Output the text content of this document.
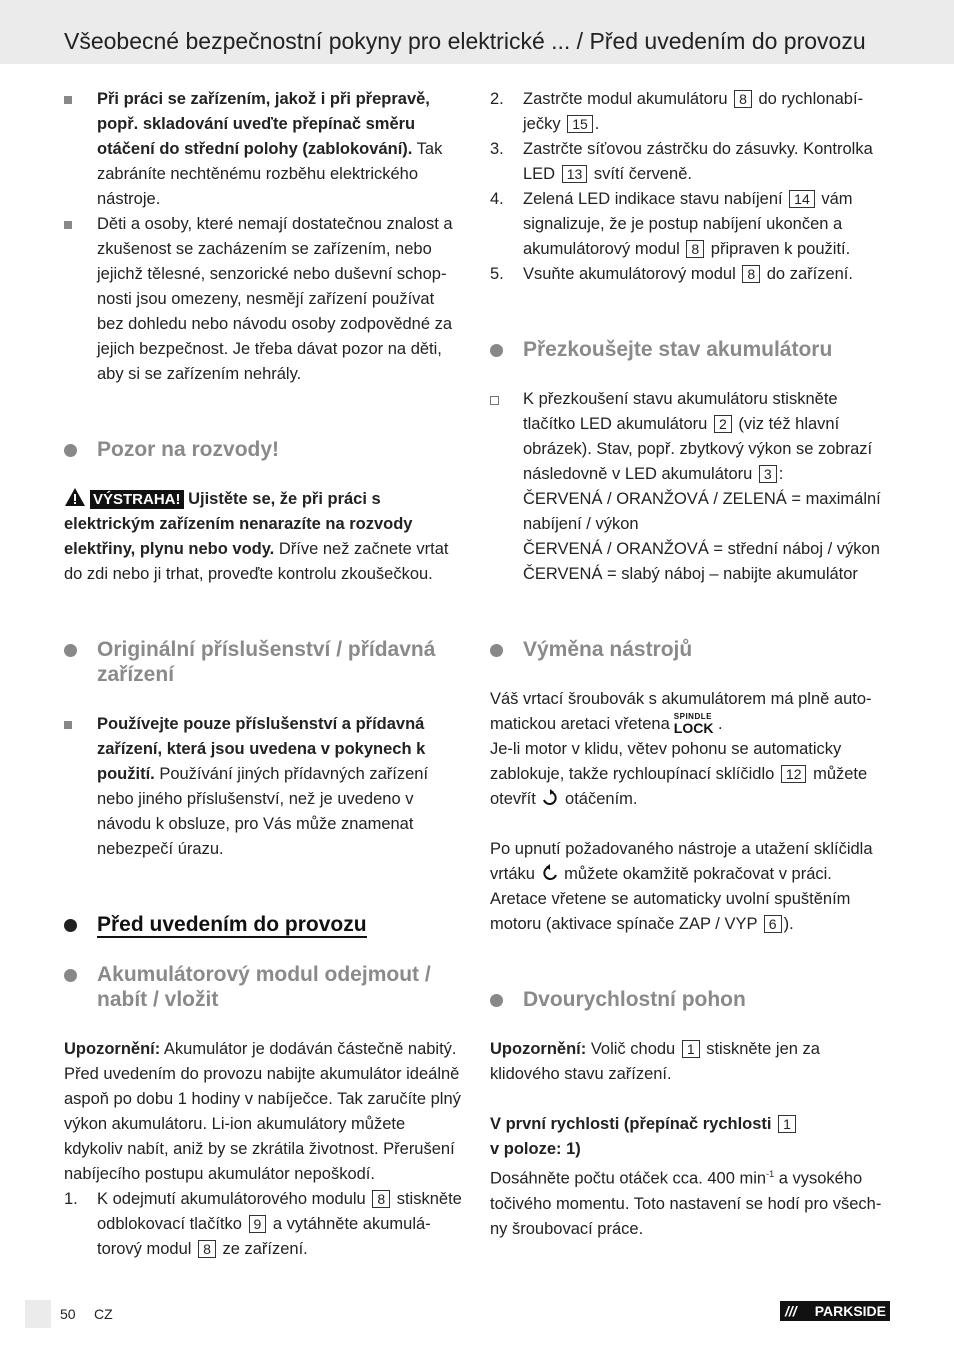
Všeobecné bezpečnostní pokyny pro elektrické ... / Před uvedením do provozu

Při práci se zařízením, jakož i při přepravě, popř. skladování uveďte přepínač směru otáčení do střední polohy (zablokování). Tak zabráníte nechtěnému rozběhu elektrického nástroje.

Děti a osoby, které nemají dostatečnou znalost a zkušenost se zacházením se zařízením, nebo jejichž tělesné, senzorické nebo duševní schopnosti jsou omezeny, nesmějí zařízení používat bez dohledu nebo návodu osoby zodpovědné za jejich bezpečnost. Je třeba dávat pozor na děti, aby si se zařízením nehrály.

Pozor na rozvody!

VÝSTRAHA! Ujistěte se, že při práci s elektrickým zařízením nenarazíte na rozvody elektřiny, plynu nebo vody. Dříve než začnete vrtat do zdi nebo ji trhat, proveďte kontrolu zkoušečkou.

Originální příslušenství / přídavná zařízení

Používejte pouze příslušenství a přídavná zařízení, která jsou uvedena v pokynech k použití. Používání jiných přídavných zařízení nebo jiného příslušenství, než je uvedeno v návodu k obsluze, pro Vás může znamenat nebezpečí úrazu.

Před uvedením do provozu
Akumulátorový modul odejmout / nabít / vložit

Upozornění: Akumulátor je dodáván částečně nabitý. Před uvedením do provozu nabijte akumulátor ideálně aspoň po dobu 1 hodiny v nabíječce. Tak zaručíte plný výkon akumulátoru. Li-ion akumulátory můžete kdykoliv nabít, aniž by se zkrátila životnost. Přerušení nabíjecího postupu akumulátor nepoškodí.

1. K odejmutí akumulátorového modulu 8 stiskněte odblokovací tlačítko 9 a vytáhněte akumulátorový modul 8 ze zařízení.

2. Zastrčte modul akumulátoru 8 do rychlonabíječky 15 .

3. Zastrčte síťovou zástrčku do zásuvky. Kontrolka LED 13 svítí červeně.

4. Zelená LED indikace stavu nabíjení 14 vám signalizuje, že je postup nabíjení ukončen a akumulátorový modul 8 připraven k použití.

5. Vsuňte akumulátorový modul 8 do zařízení.

Přezkoušejte stav akumulátoru

K přezkoušení stavu akumulátoru stiskněte tlačítko LED akumulátoru 2 (viz též hlavní obrázek). Stav, popř. zbytkový výkon se zobrazí následovně v LED akumulátoru 3 :

ČERVENÁ / ORANŽOVÁ / ZELENÁ = maximální nabíjení / výkon

ČERVENÁ / ORANŽOVÁ = střední náboj / výkon

ČERVENÁ = slabý náboj – nabijte akumulátor

Výměna nástrojů

Váš vrtací šroubovák s akumulátorem má plně automatickou aretaci vřetena SPINDLE
LOCK .

Je-li motor v klidu, větev pohonu se automaticky zablokuje, takže rychloupínací sklíčidlo 12 můžete otevřít  otáčením.

Po upnutí požadovaného nástroje a utažení sklíčidla vrtáku  můžete okamžitě pokračovat v práci. Aretace vřetene se automaticky uvolní spuštěním motoru (aktivace spínače ZAP / VYP 6 ).

Dvourychlostní pohon

Upozornění: Volič chodu 1 stiskněte jen za klidového stavu zařízení.

V první rychlosti (přepínač rychlosti 1

v poloze: 1)

Dosáhněte počtu otáček cca. 400 $\min^{-1} a$ vysokého točivého momentu. Toto nastavení se hodí pro všechny šroubovací práce.

50 CZ	/// PARKSIDE
